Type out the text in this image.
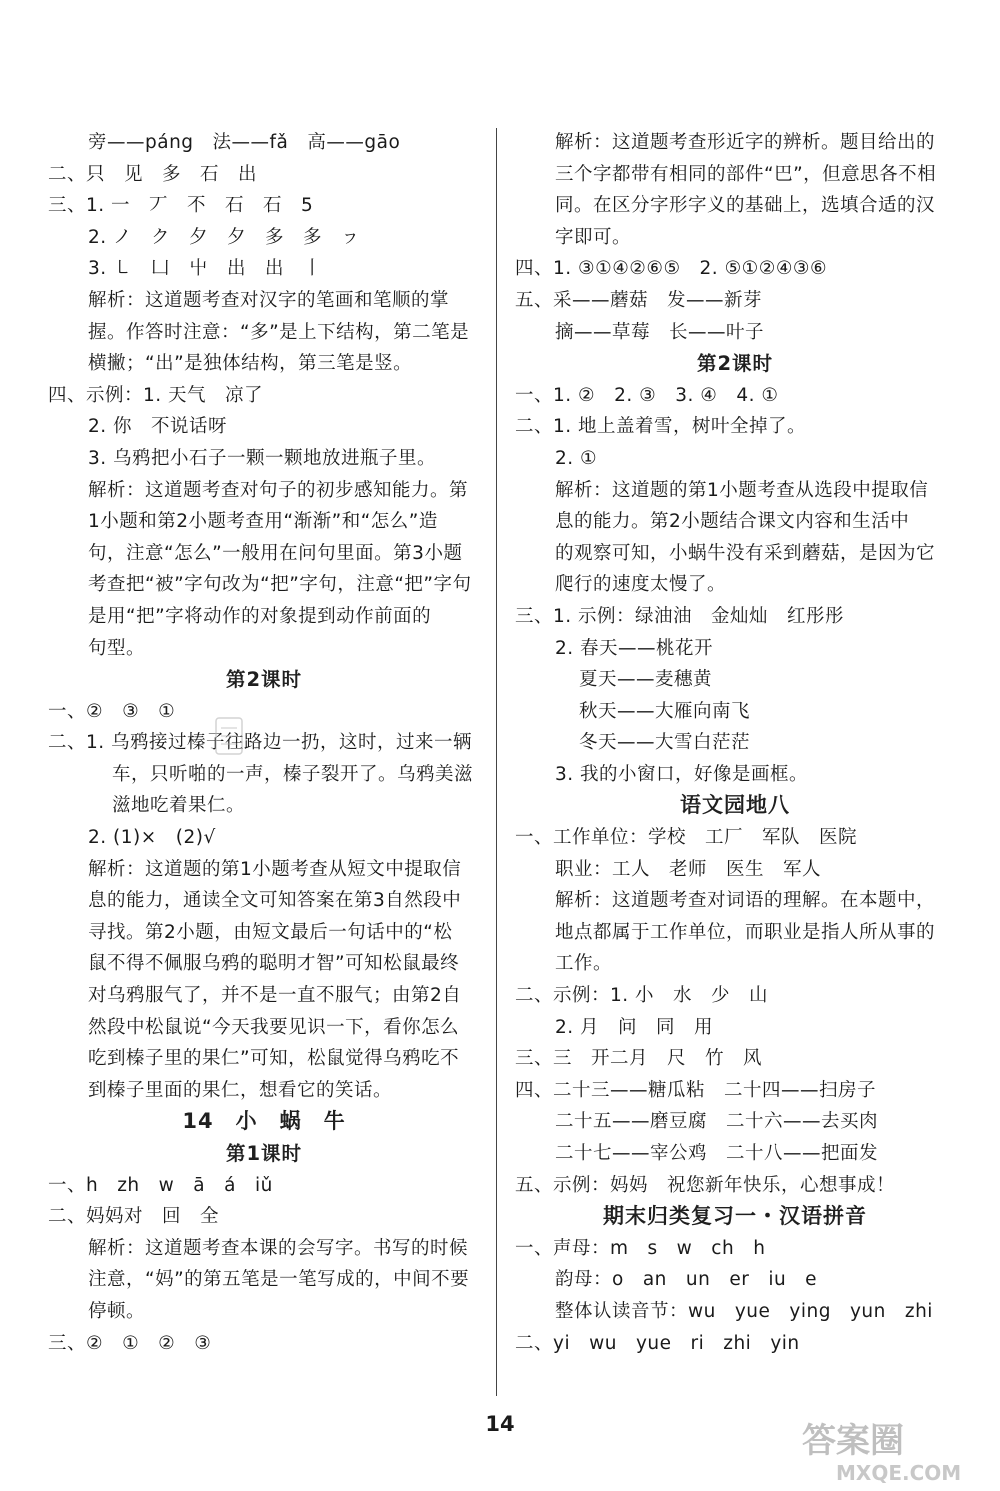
旁——páng　法——fǎ　高——gāo
二、只　见　多　石　出
三、1. 一　丆　不　石　石　5
2. ノ　ク　夕　夕　多　多　ㇷ
3. ㇄　凵　屮　出　出　丨
解析：这道题考查对汉字的笔画和笔顺的掌
握。作答时注意：“多”是上下结构，第二笔是
横撇；“出”是独体结构，第三笔是竖。
四、示例：1. 天气　凉了
2. 你　不说话呀
3. 乌鸦把小石子一颗一颗地放进瓶子里。
解析：这道题考查对句子的初步感知能力。第
1小题和第2小题考查用“渐渐”和“怎么”造
句，注意“怎么”一般用在问句里面。第3小题
考查把“被”字句改为“把”字句，注意“把”字句
是用“把”字将动作的对象提到动作前面的
句型。
第2课时
一、②　③　①
二、1. 乌鸦接过榛子往路边一扔，这时，过来一辆
车，只听啪的一声，榛子裂开了。乌鸦美滋
滋地吃着果仁。
2. (1)×　(2)√
解析：这道题的第1小题考查从短文中提取信
息的能力，通读全文可知答案在第3自然段中
寻找。第2小题，由短文最后一句话中的“松
鼠不得不佩服乌鸦的聪明才智”可知松鼠最终
对乌鸦服气了，并不是一直不服气；由第2自
然段中松鼠说“今天我要见识一下，看你怎么
吃到榛子里的果仁”可知，松鼠觉得乌鸦吃不
到榛子里面的果仁，想看它的笑话。
14　小　蜗　牛
第1课时
一、h　zh　w　ā　á　iǔ
二、妈妈对　回　全
解析：这道题考查本课的会写字。书写的时候
注意，“妈”的第五笔是一笔写成的，中间不要
停顿。
三、②　①　②　③
解析：这道题考查形近字的辨析。题目给出的
三个字都带有相同的部件“巴”，但意思各不相
同。在区分字形字义的基础上，选填合适的汉
字即可。
四、1. ③①④②⑥⑤　2. ⑤①②④③⑥
五、采——蘑菇　发——新芽
摘——草莓　长——叶子
第2课时
一、1. ②　2. ③　3. ④　4. ①
二、1. 地上盖着雪，树叶全掉了。
2. ①
解析：这道题的第1小题考查从选段中提取信
息的能力。第2小题结合课文内容和生活中
的观察可知，小蜗牛没有采到蘑菇，是因为它
爬行的速度太慢了。
三、1. 示例：绿油油　金灿灿　红彤彤
2. 春天——桃花开
夏天——麦穗黄
秋天——大雁向南飞
冬天——大雪白茫茫
3. 我的小窗口，好像是画框。
语文园地八
一、工作单位：学校　工厂　军队　医院
职业：工人　老师　医生　军人
解析：这道题考查对词语的理解。在本题中，
地点都属于工作单位，而职业是指人所从事的
工作。
二、示例：1. 小　水　少　山
2. 月　问　同　用
三、三　开二月　尺　竹　风
四、二十三——糖瓜粘　二十四——扫房子
二十五——磨豆腐　二十六——去买肉
二十七——宰公鸡　二十八——把面发
五、示例：妈妈　祝您新年快乐，心想事成！
期末归类复习一・汉语拼音
一、声母：m　s　w　ch　h
韵母：o　an　un　er　iu　e
整体认读音节：wu　yue　ying　yun　zhi
二、yi　wu　yue　ri　zhi　yin
14	答案圈
MXQE.COM
